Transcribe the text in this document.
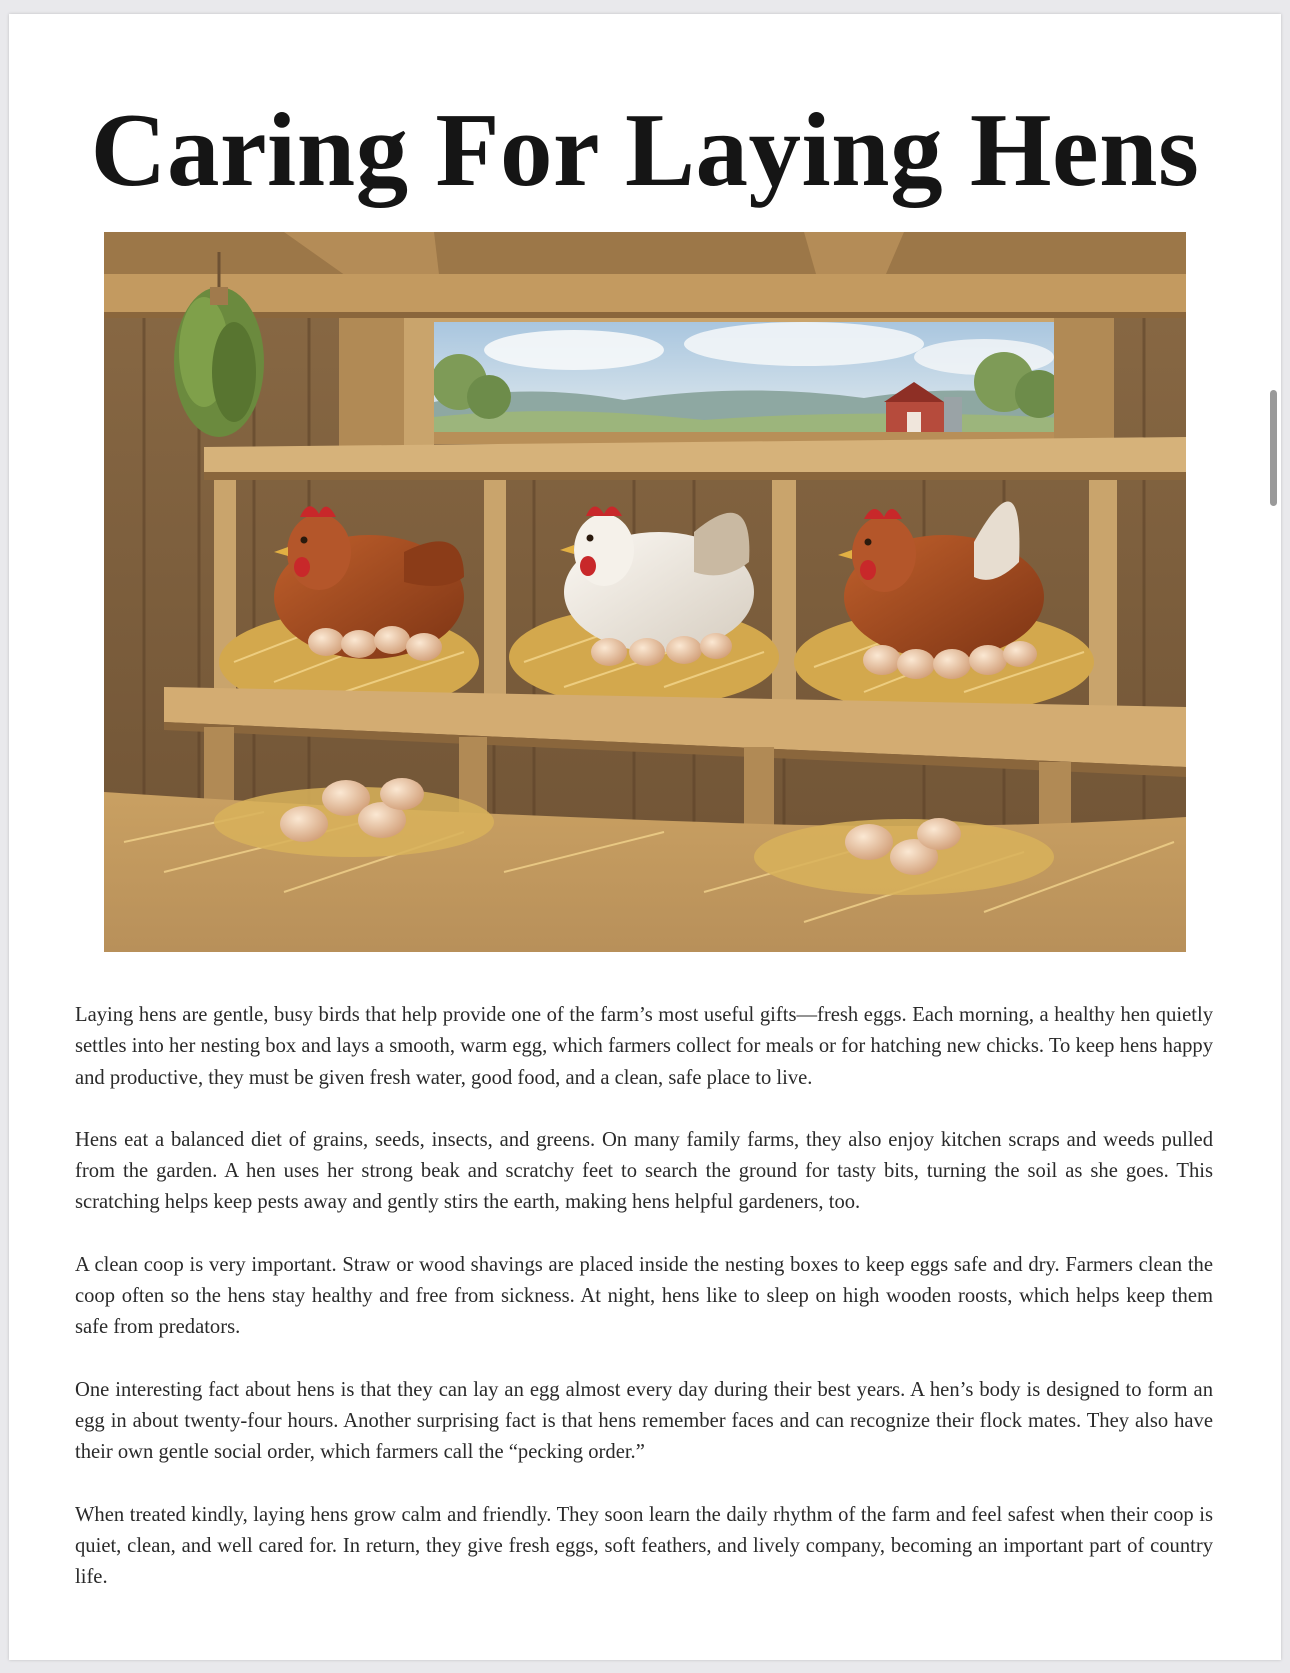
Caring For Laying Hens

Laying hens are gentle, busy birds that help provide one of the farm’s most useful gifts—fresh eggs. Each morning, a healthy hen quietly settles into her nesting box and lays a smooth, warm egg, which farmers collect for meals or for hatching new chicks. To keep hens happy and productive, they must be given fresh water, good food, and a clean, safe place to live.

Hens eat a balanced diet of grains, seeds, insects, and greens. On many family farms, they also enjoy kitchen scraps and weeds pulled from the garden. A hen uses her strong beak and scratchy feet to search the ground for tasty bits, turning the soil as she goes. This scratching helps keep pests away and gently stirs the earth, making hens helpful gardeners, too.

A clean coop is very important. Straw or wood shavings are placed inside the nesting boxes to keep eggs safe and dry. Farmers clean the coop often so the hens stay healthy and free from sickness. At night, hens like to sleep on high wooden roosts, which helps keep them safe from predators.

One interesting fact about hens is that they can lay an egg almost every day during their best years. A hen’s body is designed to form an egg in about twenty-four hours. Another surprising fact is that hens remember faces and can recognize their flock mates. They also have their own gentle social order, which farmers call the “pecking order.”

When treated kindly, laying hens grow calm and friendly. They soon learn the daily rhythm of the farm and feel safest when their coop is quiet, clean, and well cared for. In return, they give fresh eggs, soft feathers, and lively company, becoming an important part of country life.
